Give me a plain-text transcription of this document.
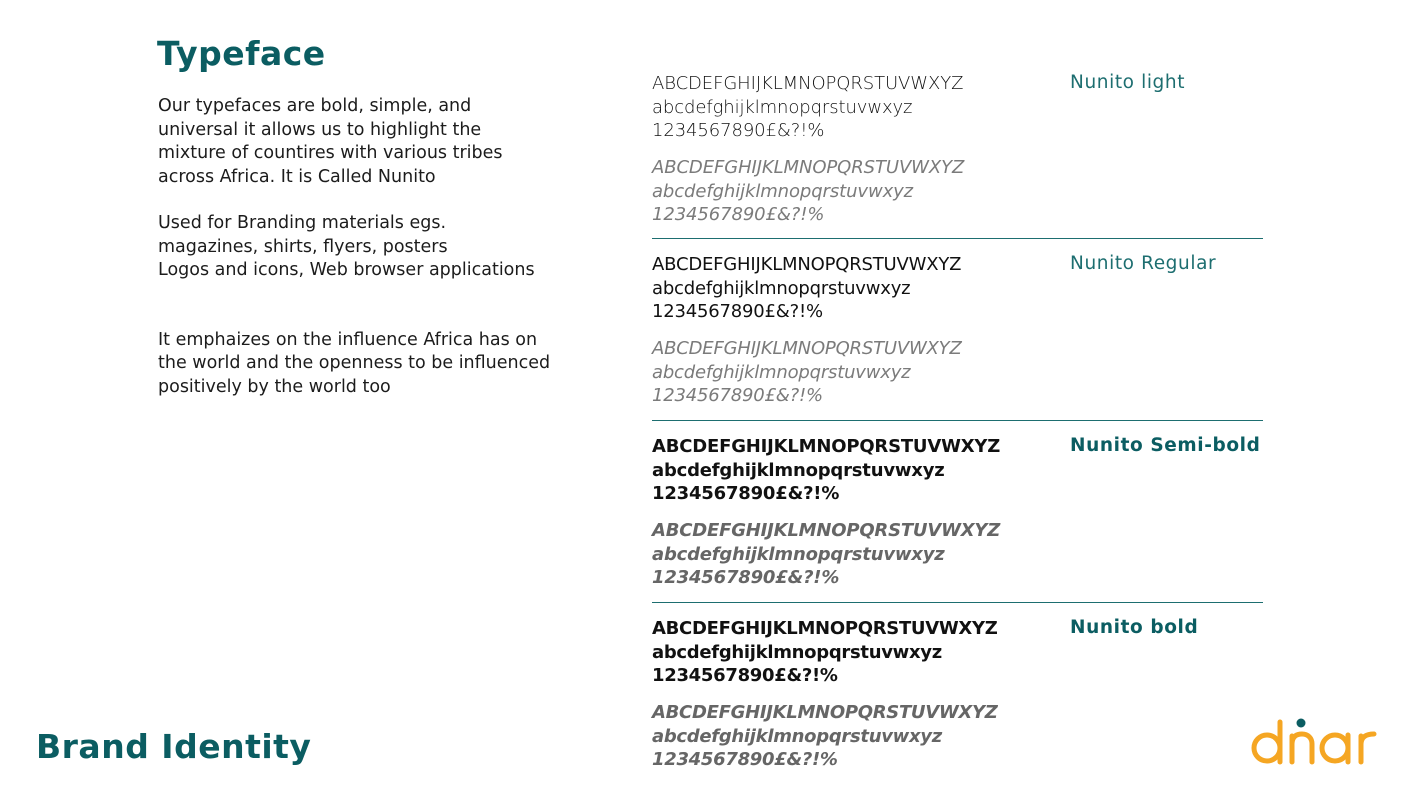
Typeface

Our typefaces are bold, simple, and
universal it allows us to highlight the
mixture of countires with various tribes
across Africa. It is Called Nunito

Used for Branding materials egs.
magazines, shirts, flyers, posters
Logos and icons, Web browser applications

It emphaizes on the influence Africa has on
the world and the openness to be influenced
positively by the world too

ABCDEFGHIJKLMNOPQRSTUVWXYZ
abcdefghijklmnopqrstuvwxyz
1234567890£&?!%
ABCDEFGHIJKLMNOPQRSTUVWXYZ
abcdefghijklmnopqrstuvwxyz
1234567890£&?!%

Nunito light

ABCDEFGHIJKLMNOPQRSTUVWXYZ
abcdefghijklmnopqrstuvwxyz
1234567890£&?!%
ABCDEFGHIJKLMNOPQRSTUVWXYZ
abcdefghijklmnopqrstuvwxyz
1234567890£&?!%

Nunito Regular

ABCDEFGHIJKLMNOPQRSTUVWXYZ
abcdefghijklmnopqrstuvwxyz
1234567890£&?!%
ABCDEFGHIJKLMNOPQRSTUVWXYZ
abcdefghijklmnopqrstuvwxyz
1234567890£&?!%

Nunito Semi-bold

ABCDEFGHIJKLMNOPQRSTUVWXYZ
abcdefghijklmnopqrstuvwxyz
1234567890£&?!%
ABCDEFGHIJKLMNOPQRSTUVWXYZ
abcdefghijklmnopqrstuvwxyz
1234567890£&?!%

Nunito bold

Brand Identity
